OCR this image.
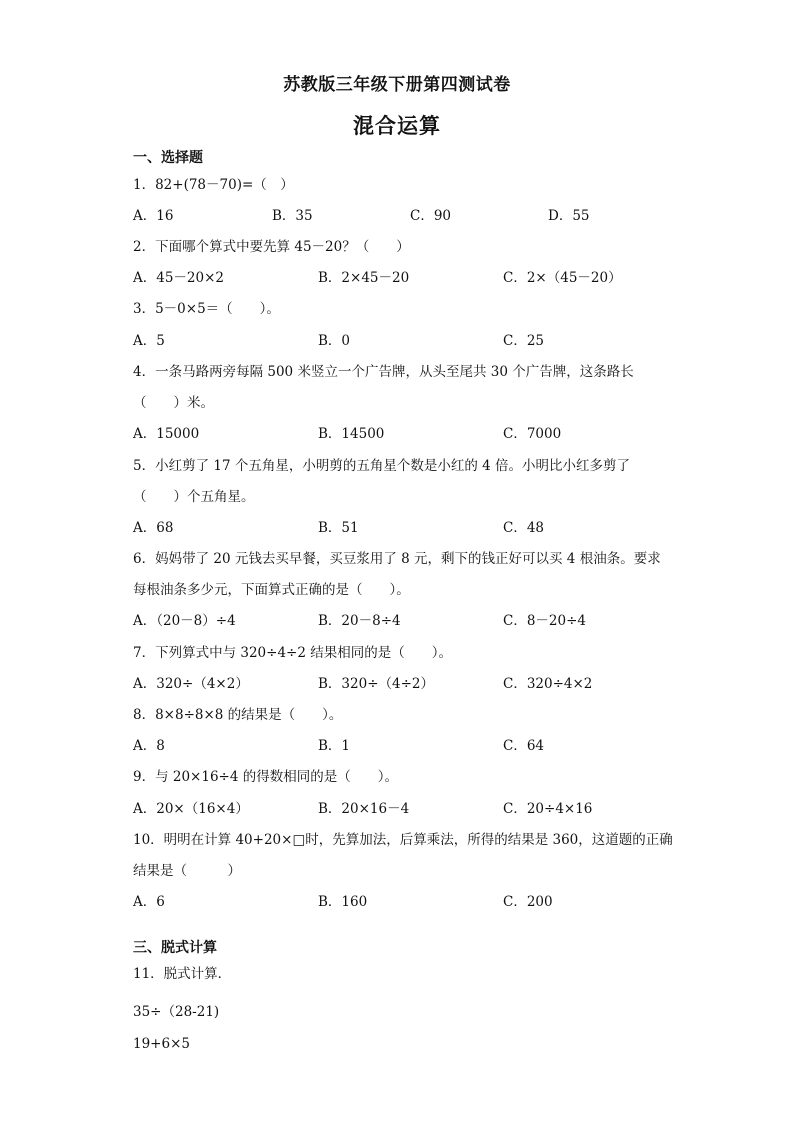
苏教版三年级下册第四测试卷
混合运算
一、选择题
1．82+(78－70)=（　）
A．16	B．35	C．90	D．55
2．下面哪个算式中要先算 45－20？（　　）
A．45－20×2	B．2×45－20	C．2×（45－20）
3．5－0×5＝（　　）。
A．5	B．0	C．25
4．一条马路两旁每隔 500 米竖立一个广告牌，从头至尾共 30 个广告牌，这条路长
（　　）米。
A．15000	B．14500	C．7000
5．小红剪了 17 个五角星，小明剪的五角星个数是小红的 4 倍。小明比小红多剪了
（　　）个五角星。
A．68	B．51	C．48
6．妈妈带了 20 元钱去买早餐，买豆浆用了 8 元，剩下的钱正好可以买 4 根油条。要求
每根油条多少元，下面算式正确的是（　　）。
A．（20－8）÷4	B．20－8÷4	C．8－20÷4
7．下列算式中与 320÷4÷2 结果相同的是（　　）。
A．320÷（4×2）	B．320÷（4÷2）	C．320÷4×2
8．8×8÷8×8 的结果是（　　）。
A．8	B．1	C．64
9．与 20×16÷4 的得数相同的是（　　）。
A．20×（16×4）	B．20×16－4	C．20÷4×16
10．明明在计算 40+20×□时，先算加法，后算乘法，所得的结果是 360，这道题的正确
结果是（　　　）
A．6	B．160	C．200
三、脱式计算
11．脱式计算．
35÷（28-21)
19+6×5
